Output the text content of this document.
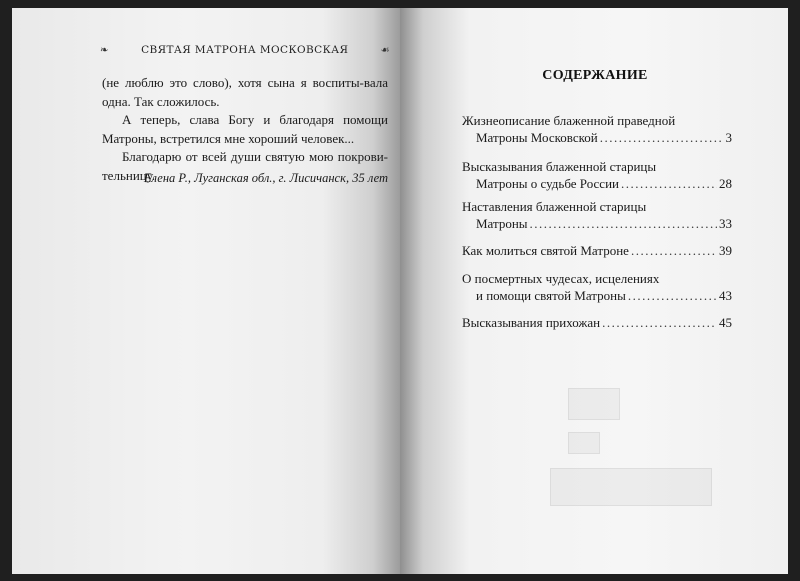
❧	СВЯТАЯ МАТРОНА МОСКОВСКАЯ	☙

(не люблю это слово), хотя сына я воспиты-вала одна. Так сложилось.

А теперь, слава Богу и благодаря помощи Матроны, встретился мне хороший человек...

Благодарю от всей души святую мою покрови-тельницу.

Елена Р., Луганская обл., г. Лисичанск, 35 лет
СОДЕРЖАНИЕ
Жизнеописание блаженной праведной
Матроны Московской .....	3
Высказывания блаженной старицы
Матроны о судьбе России .....	28
Наставления блаженной старицы
Матроны .....	33
Как молиться святой Матроне .....	39
О посмертных чудесах, исцелениях
и помощи святой Матроны .....	43
Высказывания прихожан .....	45
